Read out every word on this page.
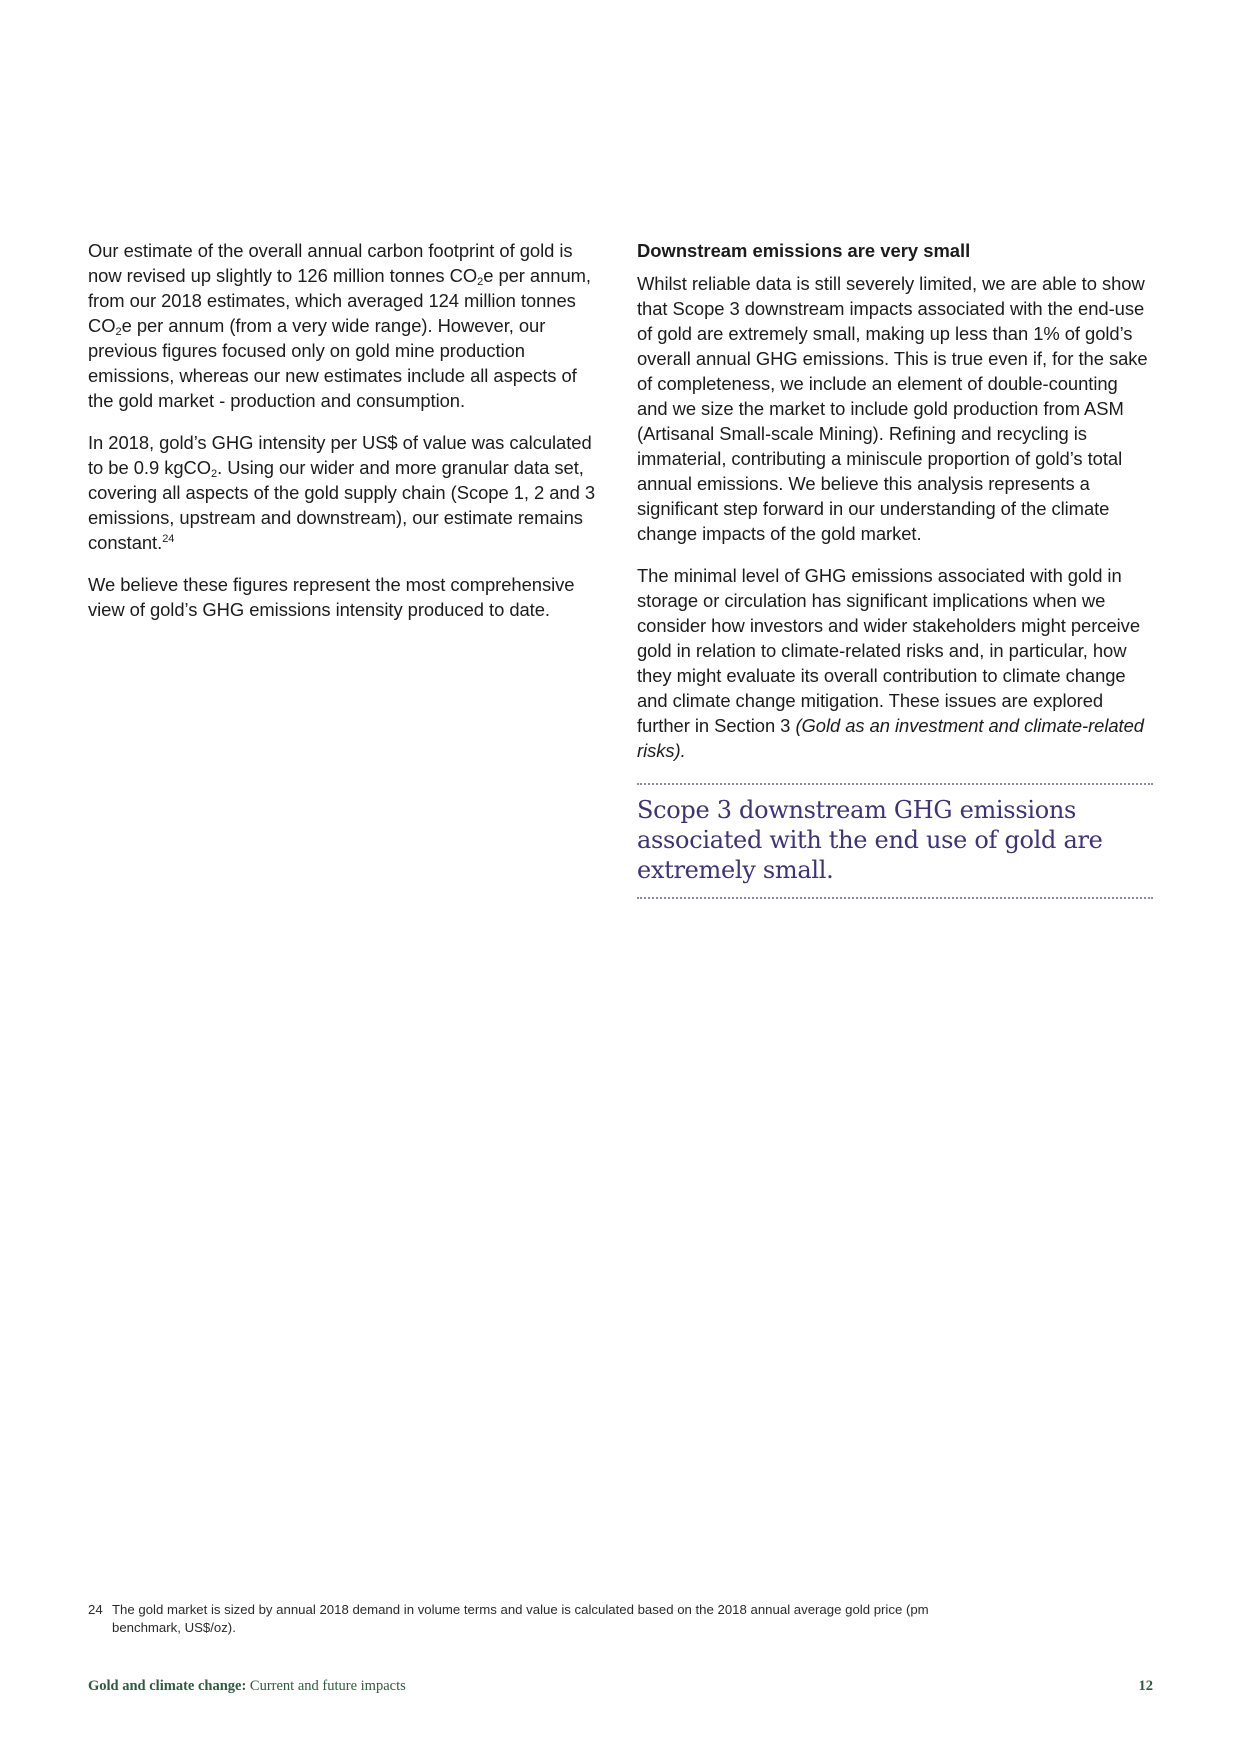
Our estimate of the overall annual carbon footprint of gold is now revised up slightly to 126 million tonnes $CO_2e$ per annum, from our 2018 estimates, which averaged 124 million tonnes $CO_2e$ per annum (from a very wide range). However, our previous figures focused only on gold mine production emissions, whereas our new estimates include all aspects of the gold market - production and consumption.

In 2018, gold’s GHG intensity per US$ of value was calculated to be 0.9 kgCO$_2$. Using our wider and more granular data set, covering all aspects of the gold supply chain (Scope 1, 2 and 3 emissions, upstream and downstream), our estimate remains constant.$^{24}$

We believe these figures represent the most comprehensive view of gold’s GHG emissions intensity produced to date.

Downstream emissions are very small

Whilst reliable data is still severely limited, we are able to show that Scope 3 downstream impacts associated with the end-use of gold are extremely small, making up less than 1% of gold’s overall annual GHG emissions. This is true even if, for the sake of completeness, we include an element of double-counting and we size the market to include gold production from ASM (Artisanal Small-scale Mining). Refining and recycling is immaterial, contributing a miniscule proportion of gold’s total annual emissions. We believe this analysis represents a significant step forward in our understanding of the climate change impacts of the gold market.

The minimal level of GHG emissions associated with gold in storage or circulation has significant implications when we consider how investors and wider stakeholders might perceive gold in relation to climate-related risks and, in particular, how they might evaluate its overall contribution to climate change and climate change mitigation. These issues are explored further in Section 3 (Gold as an investment and climate-related risks).

Scope 3 downstream GHG emissions associated with the end use of gold are extremely small.

24 The gold market is sized by annual 2018 demand in volume terms and value is calculated based on the 2018 annual average gold price (pm benchmark, US$/oz).
Gold and climate change: Current and future impacts	12
